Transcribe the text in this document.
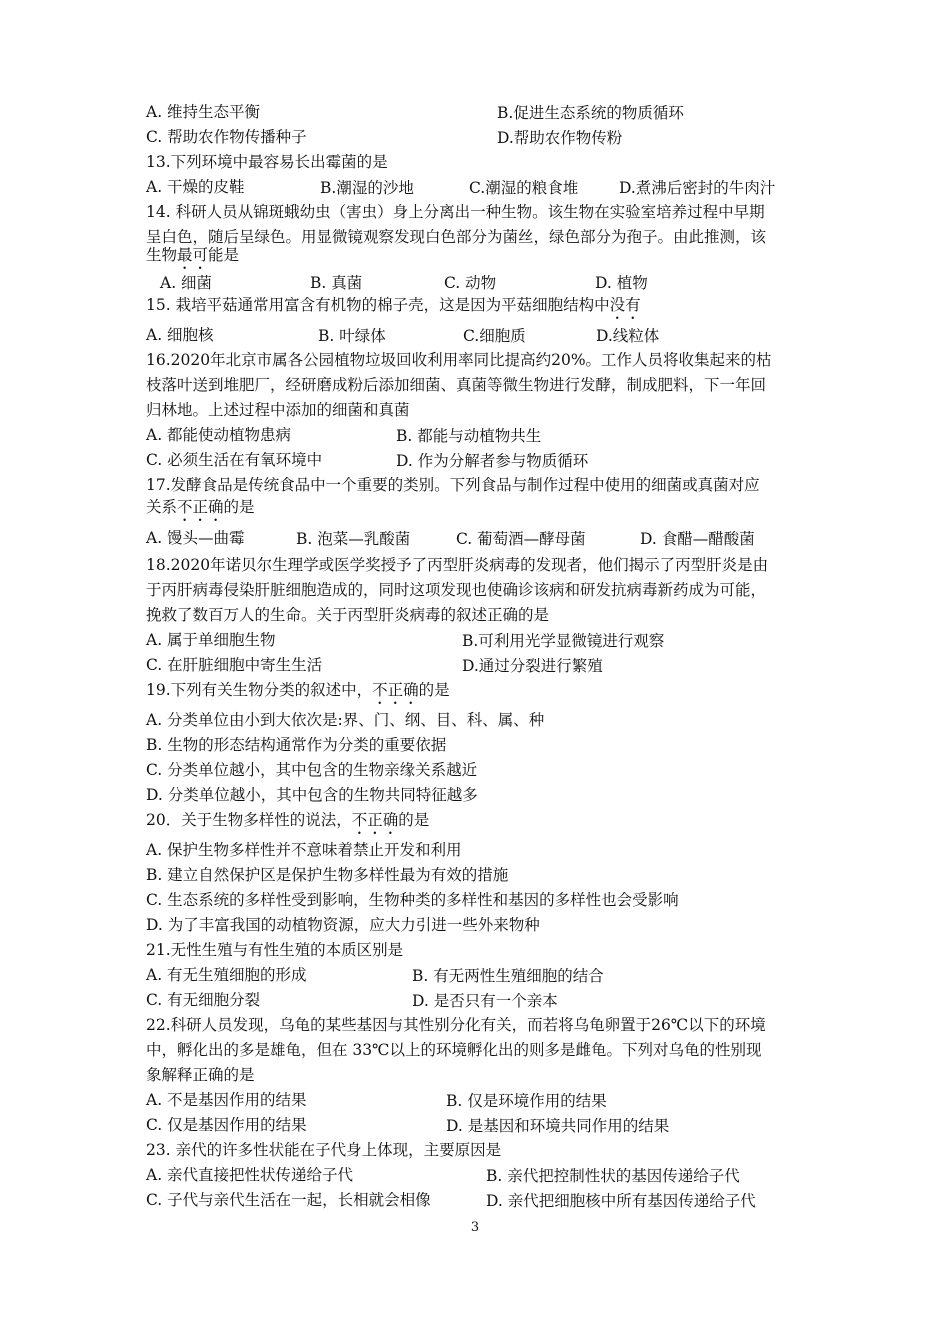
A. 维持生态平衡	B.促进生态系统的物质循环
C. 帮助农作物传播种子	D.帮助农作物传粉
13.下列环境中最容易长出霉菌的是
A. 干燥的皮鞋	B.潮湿的沙地	C.潮湿的粮食堆	D.煮沸后密封的牛肉汁
14. 科研人员从锦斑蛾幼虫（害虫）身上分离出一种生物。该生物在实验室培养过程中早期
呈白色，随后呈绿色。用显微镜观察发现白色部分为菌丝，绿色部分为孢子。由此推测，该
生物最可能是
A. 细菌	B. 真菌	C. 动物	D. 植物
15. 栽培平菇通常用富含有机物的棉子壳，这是因为平菇细胞结构中没有
A. 细胞核	B. 叶绿体	C.细胞质	D.线粒体
16.2020年北京市属各公园植物垃圾回收利用率同比提高约20%。工作人员将收集起来的枯
枝落叶送到堆肥厂，经研磨成粉后添加细菌、真菌等微生物进行发酵，制成肥料，下一年回
归林地。上述过程中添加的细菌和真菌
A. 都能使动植物患病	B. 都能与动植物共生
C. 必须生活在有氧环境中	D. 作为分解者参与物质循环
17.发酵食品是传统食品中一个重要的类别。下列食品与制作过程中使用的细菌或真菌对应
关系不正确的是
A. 馒头—曲霉	B. 泡菜—乳酸菌	C. 葡萄酒—酵母菌	D. 食醋—醋酸菌
18.2020年诺贝尔生理学或医学奖授予了丙型肝炎病毒的发现者，他们揭示了丙型肝炎是由
于丙肝病毒侵染肝脏细胞造成的，同时这项发现也使确诊该病和研发抗病毒新药成为可能，
挽救了数百万人的生命。关于丙型肝炎病毒的叙述正确的是
A. 属于单细胞生物	B.可利用光学显微镜进行观察
C. 在肝脏细胞中寄生生活	D.通过分裂进行繁殖
19.下列有关生物分类的叙述中，不正确的是
A. 分类单位由小到大依次是:界、门、纲、目、科、属、种
B. 生物的形态结构通常作为分类的重要依据
C. 分类单位越小，其中包含的生物亲缘关系越近
D. 分类单位越小，其中包含的生物共同特征越多
20．关于生物多样性的说法，不正确的是
A. 保护生物多样性并不意味着禁止开发和利用
B. 建立自然保护区是保护生物多样性最为有效的措施
C. 生态系统的多样性受到影响，生物种类的多样性和基因的多样性也会受影响
D. 为了丰富我国的动植物资源，应大力引进一些外来物种
21.无性生殖与有性生殖的本质区别是
A. 有无生殖细胞的形成	B. 有无两性生殖细胞的结合
C. 有无细胞分裂	D. 是否只有一个亲本
22.科研人员发现，乌龟的某些基因与其性别分化有关，而若将乌龟卵置于26℃以下的环境
中，孵化出的多是雄龟，但在 33℃以上的环境孵化出的则多是雌龟。下列对乌龟的性别现
象解释正确的是
A. 不是基因作用的结果	B. 仅是环境作用的结果
C. 仅是基因作用的结果	D. 是基因和环境共同作用的结果
23. 亲代的许多性状能在子代身上体现，主要原因是
A. 亲代直接把性状传递给子代	B. 亲代把控制性状的基因传递给子代
C. 子代与亲代生活在一起，长相就会相像	D. 亲代把细胞核中所有基因传递给子代
3
